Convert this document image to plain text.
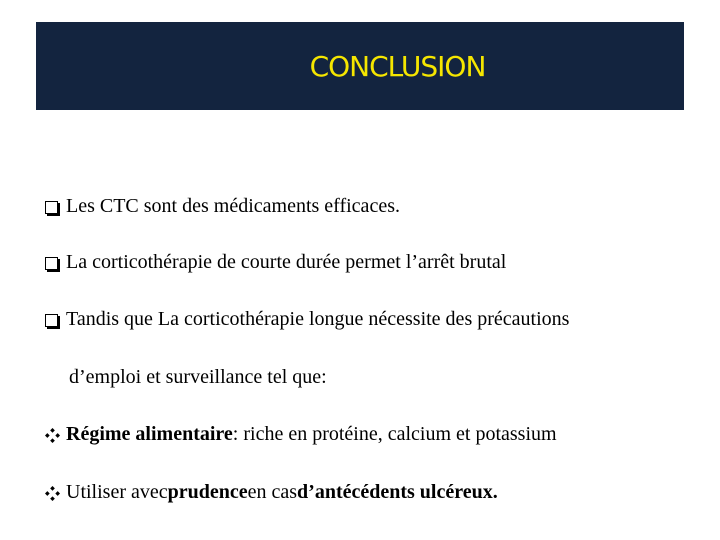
CONCLUSION
Les CTC sont des médicaments efficaces.
La corticothérapie de courte durée permet l’arrêt brutal
Tandis que La corticothérapie longue nécessite des précautions
d’emploi et surveillance tel que:
Régime alimentaire : riche en protéine, calcium et potassium
Utiliser avec prudence en cas d’antécédents ulcéreux.
